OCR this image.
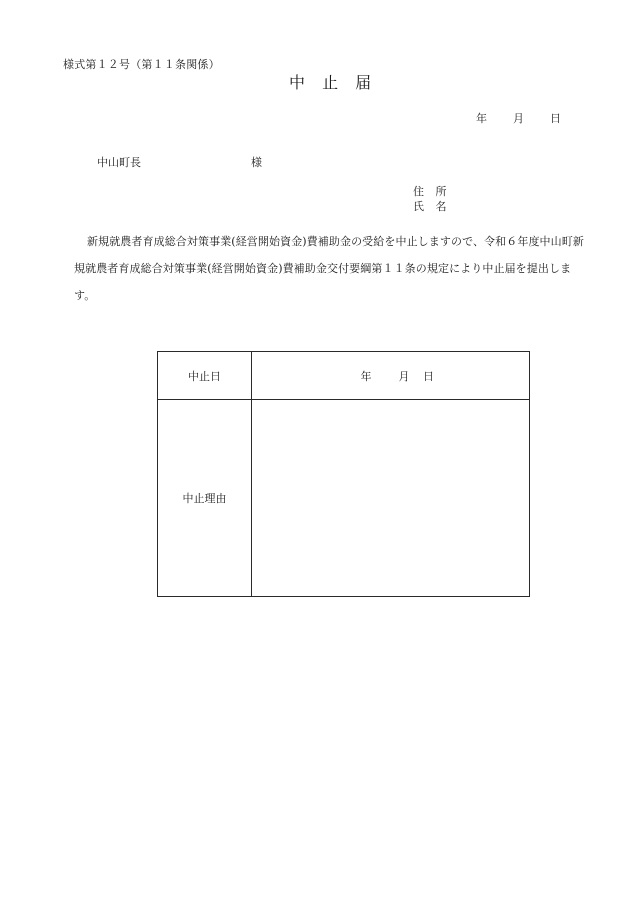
様式第１２号（第１１条関係）
中 止 届
年 月 日
中山町長	様
住 所
氏 名
新規就農者育成総合対策事業(経営開始資金)費補助金の受給を中止しますので、令和６年度中山町新規就農者育成総合対策事業(経営開始資金)費補助金交付要綱第１１条の規定により中止届を提出します。
中止日	年 月 日

中止理由	
